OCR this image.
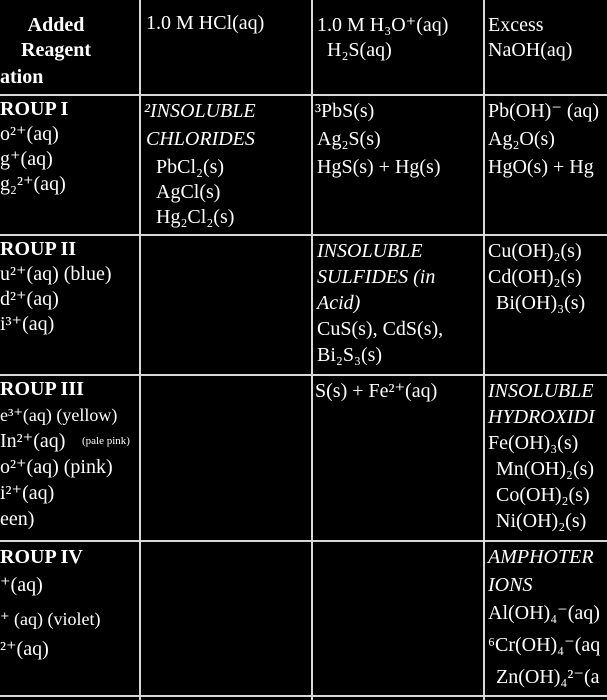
Added
Reagent
ation
1.0 M HCl(aq)	1.0 M H₃O⁺(aq)
H₂S(aq)
Excess
NaOH(aq)
ROUP I
o²⁺(aq)
g⁺(aq)
g₂²⁺(aq)
²INSOLUBLE
CHLORIDES
PbCl₂(s)
AgCl(s)
Hg₂Cl₂(s)
³PbS(s)
Ag₂S(s)
HgS(s) + Hg(s)
Pb(OH)⁻ (aq)
Ag₂O(s)
HgO(s) + Hg
ROUP II
u²⁺(aq) (blue)
d²⁺(aq)
i³⁺(aq)
INSOLUBLE
SULFIDES (in
Acid)
CuS(s), CdS(s),
Bi₂S₃(s)
Cu(OH)₂(s)
Cd(OH)₂(s)
Bi(OH)₃(s)
ROUP III
e³⁺(aq) (yellow)
In²⁺(aq) (pale pink)
o²⁺(aq) (pink)
i²⁺(aq)
een)
S(s) + Fe²⁺(aq)	INSOLUBLE
HYDROXIDI
Fe(OH)₃(s)
Mn(OH)₂(s)
Co(OH)₂(s)
Ni(OH)₂(s)
ROUP IV
⁺(aq)
⁺ (aq) (violet)
²⁺(aq)
AMPHOTER
IONS
Al(OH)₄⁻(aq)
⁶Cr(OH)₄⁻(aq
Zn(OH)₄²⁻(a
